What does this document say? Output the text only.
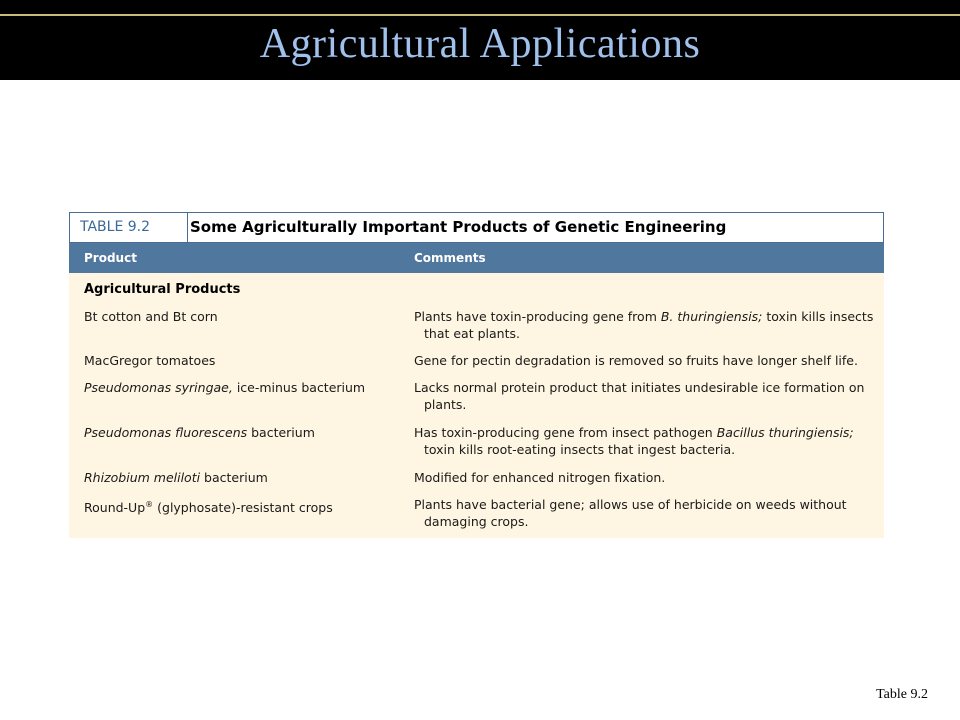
Agricultural Applications
TABLE 9.2	Some Agriculturally Important Products of Genetic Engineering
Product	Comments
Agricultural Products
Bt cotton and Bt corn	Plants have toxin-producing gene from B. thuringiensis; toxin kills insects that eat plants.
MacGregor tomatoes	Gene for pectin degradation is removed so fruits have longer shelf life.
Pseudomonas syringae, ice-minus bacterium	Lacks normal protein product that initiates undesirable ice formation on plants.
Pseudomonas fluorescens bacterium	Has toxin-producing gene from insect pathogen Bacillus thuringiensis; toxin kills root-eating insects that ingest bacteria.
Rhizobium meliloti bacterium	Modified for enhanced nitrogen fixation.
Round-Up® (glyphosate)-resistant crops	Plants have bacterial gene; allows use of herbicide on weeds without damaging crops.
Table 9.2
